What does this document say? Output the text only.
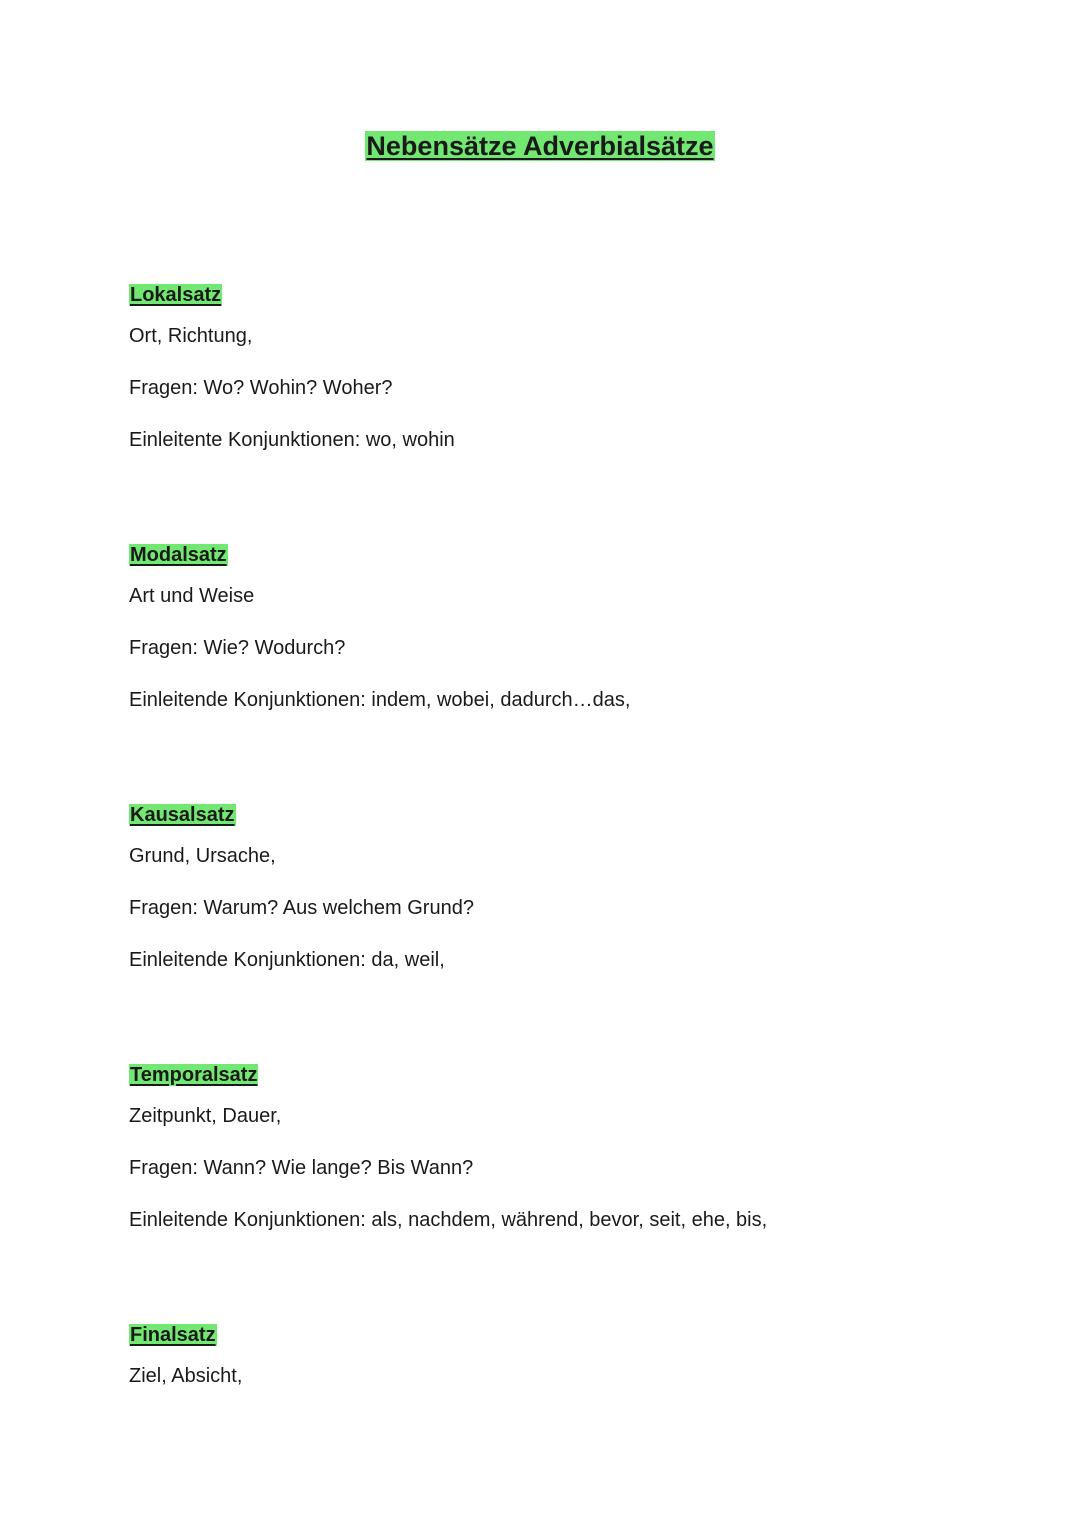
Nebensätze Adverbialsätze
Lokalsatz

Ort, Richtung,

Fragen: Wo? Wohin? Woher?

Einleitente Konjunktionen: wo, wohin

Modalsatz

Art und Weise

Fragen: Wie? Wodurch?

Einleitende Konjunktionen: indem, wobei, dadurch…das,

Kausalsatz

Grund, Ursache,

Fragen: Warum? Aus welchem Grund?

Einleitende Konjunktionen: da, weil,

Temporalsatz

Zeitpunkt, Dauer,

Fragen: Wann? Wie lange? Bis Wann?

Einleitende Konjunktionen: als, nachdem, während, bevor, seit, ehe, bis,

Finalsatz

Ziel, Absicht,
